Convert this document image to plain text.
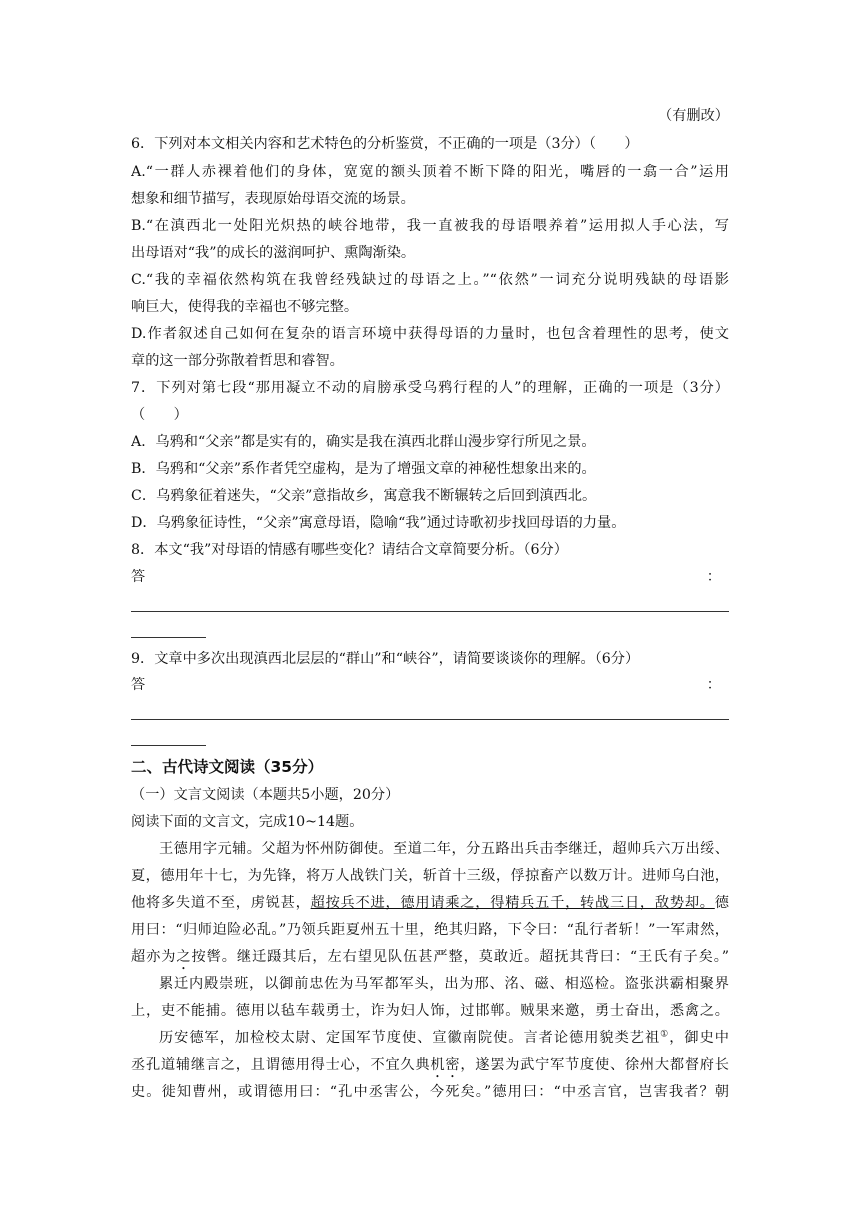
（有删改）
6．下列对本文相关内容和艺术特色的分析鉴赏，不正确的一项是（3分）（　　）
A.“一群人赤裸着他们的身体，宽宽的额头顶着不断下降的阳光，嘴唇的一翕一合”运用
想象和细节描写，表现原始母语交流的场景。
B.“在滇西北一处阳光炽热的峡谷地带，我一直被我的母语喂养着”运用拟人手心法，写
出母语对“我”的成长的滋润呵护、熏陶渐染。
C.“我的幸福依然构筑在我曾经残缺过的母语之上。”“依然”一词充分说明残缺的母语影
响巨大，使得我的幸福也不够完整。
D.作者叙述自己如何在复杂的语言环境中获得母语的力量时，也包含着理性的思考，使文
章的这一部分弥散着哲思和睿智。
7．下列对第七段“那用凝立不动的肩膀承受乌鸦行程的人”的理解，正确的一项是（3分）
（　　）
A．乌鸦和“父亲”都是实有的，确实是我在滇西北群山漫步穿行所见之景。
B．乌鸦和“父亲”系作者凭空虚构，是为了增强文章的神秘性想象出来的。
C．乌鸦象征着迷失，“父亲”意指故乡，寓意我不断辗转之后回到滇西北。
D．乌鸦象征诗性，“父亲”寓意母语，隐喻“我”通过诗歌初步找回母语的力量。
8．本文“我”对母语的情感有哪些变化？请结合文章简要分析。（6分）
答	：
9．文章中多次出现滇西北层层的“群山”和“峡谷”，请简要谈谈你的理解。（6分）
答	：
二、古代诗文阅读（35分）
（一）文言文阅读（本题共5小题，20分）
阅读下面的文言文，完成10~14题。
王德用字元辅。父超为怀州防御使。至道二年，分五路出兵击李继迁，超帅兵六万出绥、
夏，德用年十七，为先锋，将万人战铁门关，斩首十三级，俘掠畜产以数万计。进师乌白池，
他将多失道不至，虏锐甚，超按兵不进，德用请乘之，得精兵五千，转战三日，敌势却。德
用曰：“归师迫险必乱。”乃领兵距夏州五十里，绝其归路，下令曰：“乱行者斩！”一军肃然，
超亦为之按辔。继迁蹑其后，左右望见队伍甚严整，莫敢近。超抚其背曰：“王氏有子矣。”
累迁内殿崇班，以御前忠佐为马军都军头，出为邢、洺、磁、相巡检。盗张洪霸相聚界
上，吏不能捕。德用以毡车载勇士，诈为妇人饰，过邯郸。贼果来邀，勇士奋出，悉禽之。
历安德军，加检校太尉、定国军节度使、宣徽南院使。言者论德用貌类艺祖①，御史中
丞孔道辅继言之，且谓德用得士心，不宜久典机密，遂罢为武宁军节度使、徐州大都督府长
史。徙知曹州，或谓德用曰：“孔中丞害公，今死矣。”德用曰：“中丞言官，岂害我者？朝
